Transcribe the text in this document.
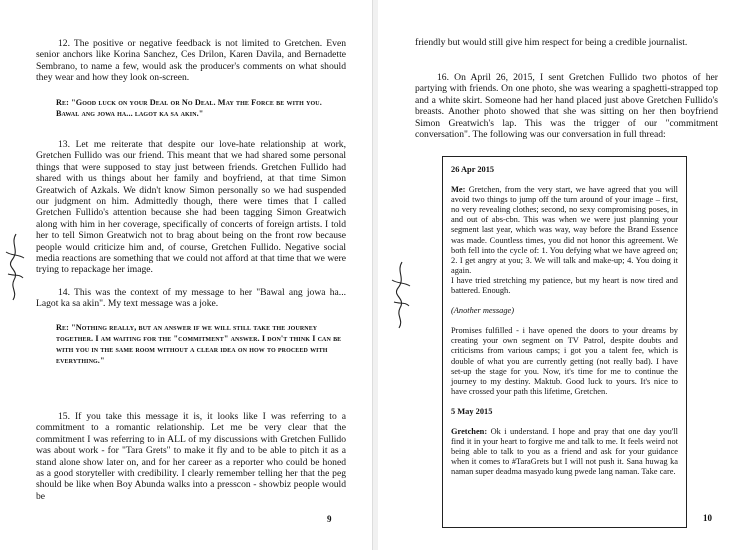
12. The positive or negative feedback is not limited to Gretchen. Even senior anchors like Korina Sanchez, Ces Drilon, Karen Davila, and Bernadette Sembrano, to name a few, would ask the producer's comments on what should they wear and how they look on-screen.

Re: "Good luck on your Deal or No Deal. May the Force be with you. Bawal ang jowa ha... lagot ka sa akin."

13. Let me reiterate that despite our love-hate relationship at work, Gretchen Fullido was our friend. This meant that we had shared some personal things that were supposed to stay just between friends. Gretchen Fullido had shared with us things about her family and boyfriend, at that time Simon Greatwich of Azkals. We didn't know Simon personally so we had suspended our judgment on him. Admittedly though, there were times that I called Gretchen Fullido's attention because she had been tagging Simon Greatwich along with him in her coverage, specifically of concerts of foreign artists. I told her to tell Simon Greatwich not to brag about being on the front row because people would criticize him and, of course, Gretchen Fullido. Negative social media reactions are something that we could not afford at that time that we were trying to repackage her image.

14. This was the context of my message to her "Bawal ang jowa ha... Lagot ka sa akin". My text message was a joke.

Re: "Nothing really, but an answer if we will still take the journey together. I am waiting for the "commitment" answer. I don't think I can be with you in the same room without a clear idea on how to proceed with everything."

15. If you take this message it is, it looks like I was referring to a commitment to a romantic relationship. Let me be very clear that the commitment I was referring to in ALL of my discussions with Gretchen Fullido was about work - for "Tara Grets" to make it fly and to be able to pitch it as a stand alone show later on, and for her career as a reporter who could be honed as a good storyteller with credibility. I clearly remember telling her that the peg should be like when Boy Abunda walks into a presscon - showbiz people would be

9

friendly but would still give him respect for being a credible journalist.

16. On April 26, 2015, I sent Gretchen Fullido two photos of her partying with friends. On one photo, she was wearing a spaghetti-strapped top and a white skirt. Someone had her hand placed just above Gretchen Fullido's breasts. Another photo showed that she was sitting on her then boyfriend Simon Greatwich's lap. This was the trigger of our "commitment conversation". The following was our conversation in full thread:

10
26 Apr 2015

Me: Gretchen, from the very start, we have agreed that you will avoid two things to jump off the turn around of your image – first, no very revealing clothes; second, no sexy compromising poses, in and out of abs-cbn. This was when we were just planning your segment last year, which was way, way before the Brand Essence was made. Countless times, you did not honor this agreement. We both fell into the cycle of: 1. You defying what we have agreed on; 2. I get angry at you; 3. We will talk and make-up; 4. You doing it again.

I have tried stretching my patience, but my heart is now tired and battered. Enough.

(Another message)

Promises fulfilled - i have opened the doors to your dreams by creating your own segment on TV Patrol, despite doubts and criticisms from various camps; i got you a talent fee, which is double of what you are currently getting (not really bad). I have set-up the stage for you. Now, it's time for me to continue the journey to my destiny. Maktub. Good luck to yours. It's nice to have crossed your path this lifetime, Gretchen.

5 May 2015

Gretchen: Ok i understand. I hope and pray that one day you'll find it in your heart to forgive me and talk to me. It feels weird not being able to talk to you as a friend and ask for your guidance when it comes to #TaraGrets but I will not push it. Sana huwag ka naman super deadma masyado kung pwede lang naman. Take care.
